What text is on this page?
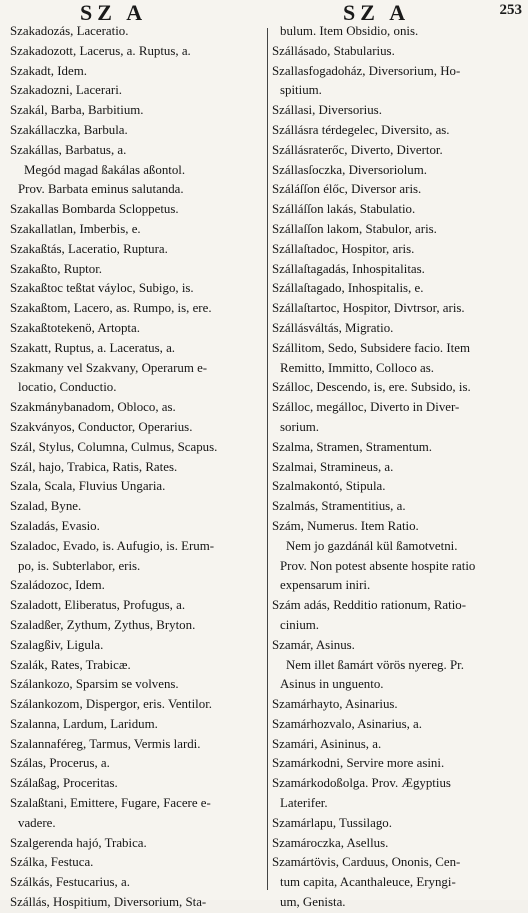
SZ A	SZ A	253
Szakadozás, Laceratio.
Szakadozott, Lacerus, a. Ruptus, a.
Szakadt, Idem.
Szakadozni, Lacerari.
Szakál, Barba, Barbitium.
Szakállaczka, Barbula.
Szakállas, Barbatus, a.
Megód magad ßakálas aßontol.
Prov. Barbata eminus salutanda.
Szakallas Bombarda Scloppetus.
Szakallatlan, Imberbis, e.
Szakaßtás, Laceratio, Ruptura.
Szakaßto, Ruptor.
Szakaßtoc teßtat váyloc, Subigo, is.
Szakaßtom, Lacero, as. Rumpo, is, ere.
Szakaßtotekenö, Artopta.
Szakatt, Ruptus, a. Laceratus, a.
Szakmany vel Szakvany, Operarum e-
locatio, Conductio.
Szakmánybanadom, Obloco, as.
Szakványos, Conductor, Operarius.
Szál, Stylus, Columna, Culmus, Scapus.
Szál, hajo, Trabica, Ratis, Rates.
Szala, Scala, Fluvius Ungaria.
Szalad, Byne.
Szaladás, Evasio.
Szaladoc, Evado, is. Aufugio, is. Erum-
po, is. Subterlabor, eris.
Szaládozoc, Idem.
Szaladott, Eliberatus, Profugus, a.
Szaladßer, Zythum, Zythus, Bryton.
Szalagßiv, Ligula.
Szalák, Rates, Trabicæ.
Szálankozo, Sparsim se volvens.
Szálankozom, Dispergor, eris. Ventilor.
Szalanna, Lardum, Laridum.
Szalannaféreg, Tarmus, Vermis lardi.
Szálas, Procerus, a.
Szálaßag, Proceritas.
Szalaßtani, Emittere, Fugare, Facere e-
vadere.
Szalgerenda hajó, Trabica.
Szálka, Festuca.
Szálkás, Festucarius, a.
Szállás, Hospitium, Diversorium, Sta-
bulum. Item Obsidio, onis.
Szállásado, Stabularius.
Szallasfogadoház, Diversorium, Ho-
spitium.
Szállasi, Diversorius.
Szállásra térdegelec, Diversito, as.
Szállásraterőc, Diverto, Divertor.
Szállasſoczka, Diversoriolum.
Száláſſon élőc, Diversor aris.
Szálláſſon lakás, Stabulatio.
Szállaſſon lakom, Stabulor, aris.
Szállaſtadoc, Hospitor, aris.
Szállaſtagadás, Inhospitalitas.
Szállaſtagado, Inhospitalis, e.
Szállaſtartoc, Hospitor, Divtrsor, aris.
Szállásváltás, Migratio.
Szállitom, Sedo, Subsidere facio. Item
Remitto, Immitto, Colloco as.
Szálloc, Descendo, is, ere. Subsido, is.
Szálloc, megálloc, Diverto in Diver-
sorium.
Szalma, Stramen, Stramentum.
Szalmai, Stramineus, a.
Szalmakontó, Stipula.
Szalmás, Stramentitius, a.
Szám, Numerus. Item Ratio.
Nem jo gazdánál kül ßamotvetni.
Prov. Non potest absente hospite ratio
expensarum iniri.
Szám adás, Redditio rationum, Ratio-
cinium.
Szamár, Asinus.
Nem illet ßamárt vörös nyereg. Pr.
Asinus in unguento.
Szamárhayto, Asinarius.
Szamárhozvalo, Asinarius, a.
Szamári, Asininus, a.
Szamárkodni, Servire more asini.
Szamárkodoßolga. Prov. Ægyptius
Laterifer.
Szamárlapu, Tussilago.
Szamároczka, Asellus.
Szamártövis, Carduus, Ononis, Cen-
tum capita, Acanthaleuce, Eryngi-
um, Genista.
